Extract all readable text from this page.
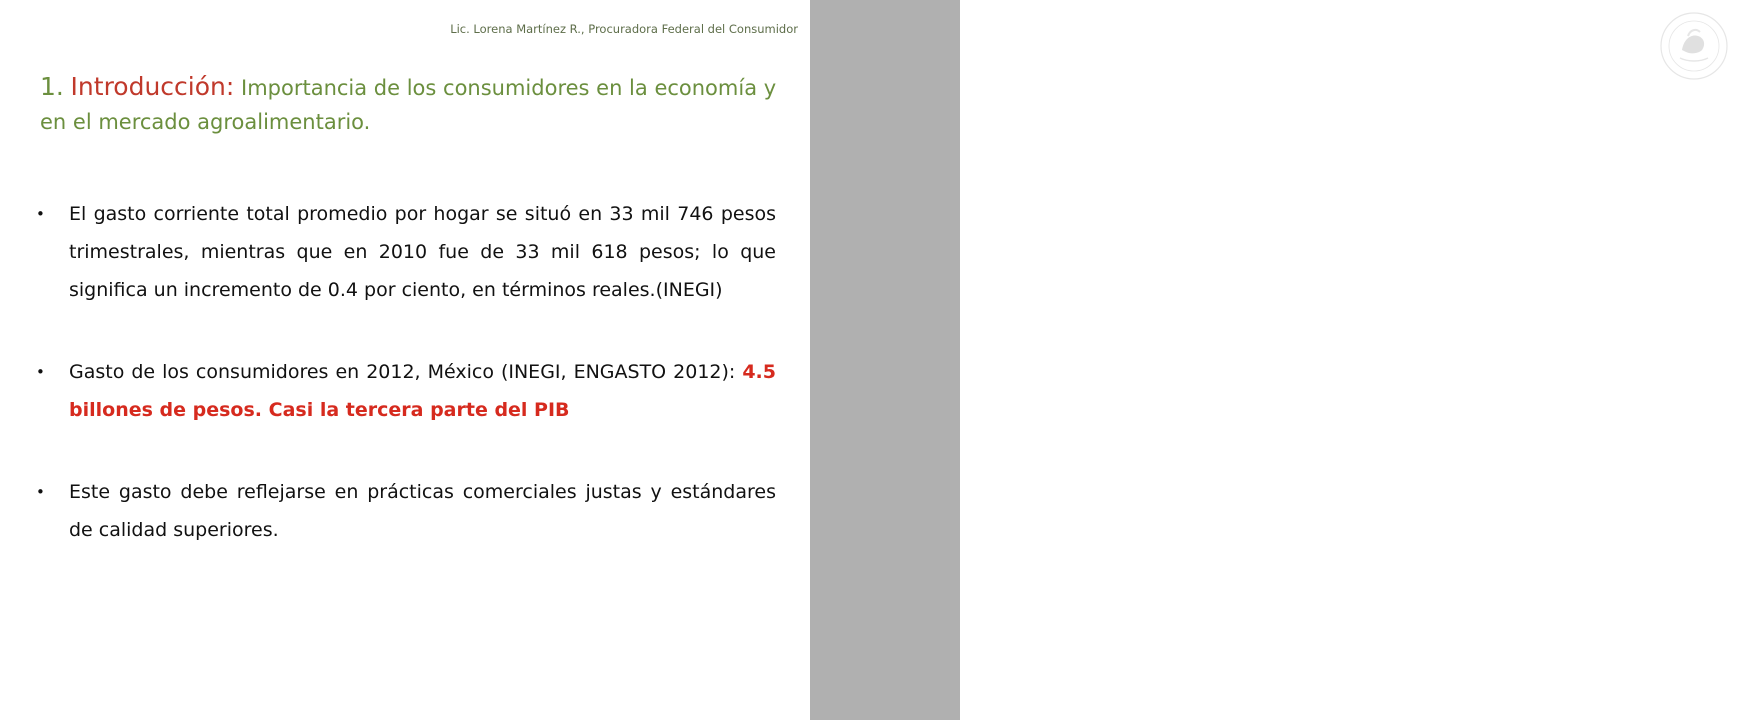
PROFECO
PROCURADURÍA FEDERAL
DEL CONSUMIDOR
Lic. Lorena Martínez R., Procuradora Federal del Consumidor
1. Introducción: Importancia de los consumidores en la economía y en el mercado agroalimentario.
• El gasto corriente total promedio por hogar se situó en 33 mil 746 pesos trimestrales, mientras que en 2010 fue de 33 mil 618 pesos; lo que significa un incremento de 0.4 por ciento, en términos reales.(INEGI)
• Gasto de los consumidores en 2012, México (INEGI, ENGASTO 2012): 4.5 billones de pesos. Casi la tercera parte del PIB
• Este gasto debe reflejarse en prácticas comerciales justas y estándares de calidad superiores.
